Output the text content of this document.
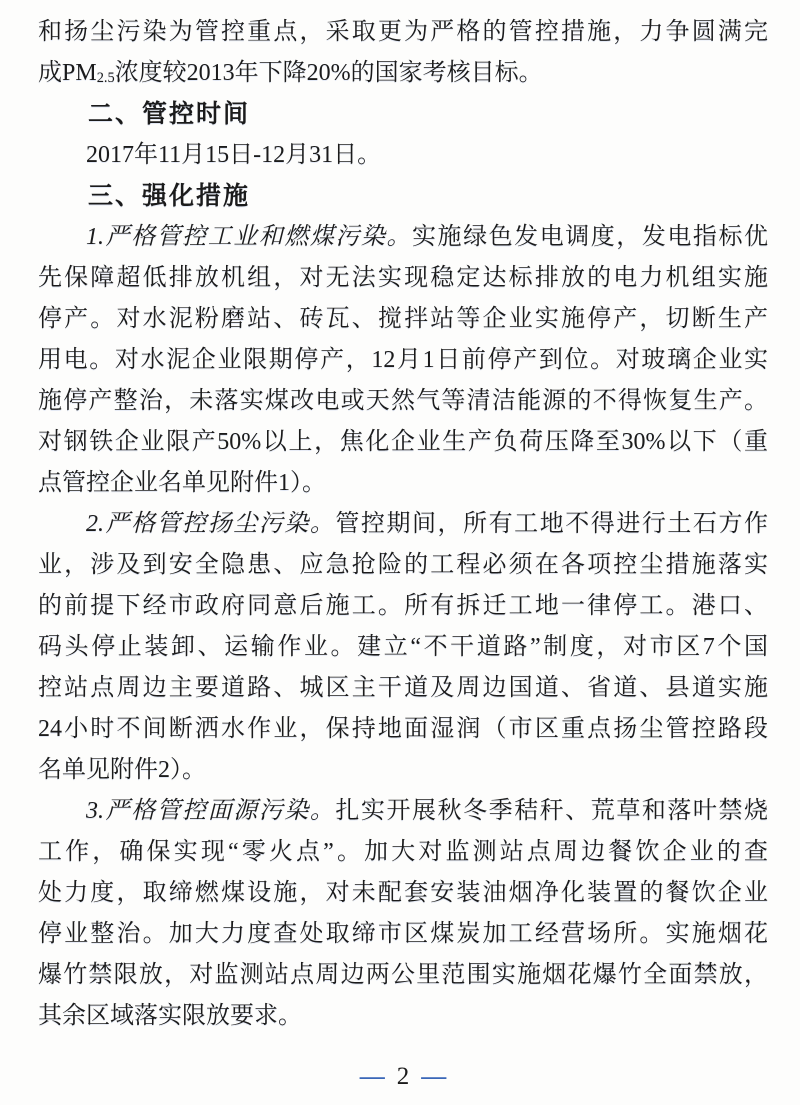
和扬尘污染为管控重点，采取更为严格的管控措施，力争圆满完
成$PM_{2.5}$浓度较2013年下降20%的国家考核目标。
二、管控时间
2017年11月15日-12月31日。
三、强化措施
1.严格管控工业和燃煤污染。实施绿色发电调度，发电指标优
先保障超低排放机组，对无法实现稳定达标排放的电力机组实施
停产。对水泥粉磨站、砖瓦、搅拌站等企业实施停产，切断生产
用电。对水泥企业限期停产，12月1日前停产到位。对玻璃企业实
施停产整治，未落实煤改电或天然气等清洁能源的不得恢复生产。
对钢铁企业限产50%以上，焦化企业生产负荷压降至30%以下（重
点管控企业名单见附件1）。
2.严格管控扬尘污染。管控期间，所有工地不得进行土石方作
业，涉及到安全隐患、应急抢险的工程必须在各项控尘措施落实
的前提下经市政府同意后施工。所有拆迁工地一律停工。港口、
码头停止装卸、运输作业。建立“不干道路”制度，对市区7个国
控站点周边主要道路、城区主干道及周边国道、省道、县道实施
24小时不间断洒水作业，保持地面湿润（市区重点扬尘管控路段
名单见附件2）。
3.严格管控面源污染。扎实开展秋冬季秸秆、荒草和落叶禁烧
工作，确保实现“零火点”。加大对监测站点周边餐饮企业的查
处力度，取缔燃煤设施，对未配套安装油烟净化装置的餐饮企业
停业整治。加大力度查处取缔市区煤炭加工经营场所。实施烟花
爆竹禁限放，对监测站点周边两公里范围实施烟花爆竹全面禁放，
其余区域落实限放要求。
— 2 —
